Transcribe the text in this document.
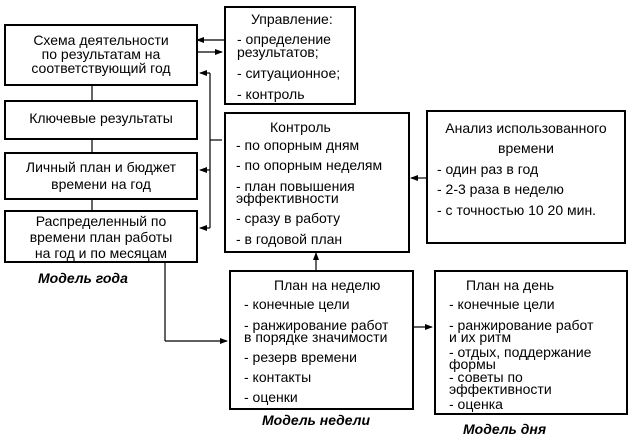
Схема деятельности
по результатам на
соответствующий год
Ключевые результаты
Личный план и бюджет
времени на год
Распределенный по
времени план работы
на год и по месяцам
Модель года
Управление:
- определение
результатов;
- ситуационное;
- контроль
Контроль
- по опорным дням
- по опорным неделям
- план повышения
эффективности
- сразу в работу
- в годовой план
Анализ использованного
времени
- один раз в год
- 2-3 раза в неделю
- с точностью 10 20 мин.
План на неделю
- конечные цели
- ранжирование работ
в порядке значимости
- резерв времени
- контакты
- оценки
Модель недели
План на день
- конечные цели
- ранжирование работ
и их ритм
- отдых, поддержание
формы
- советы по
эффективности
- оценка
Модель дня
